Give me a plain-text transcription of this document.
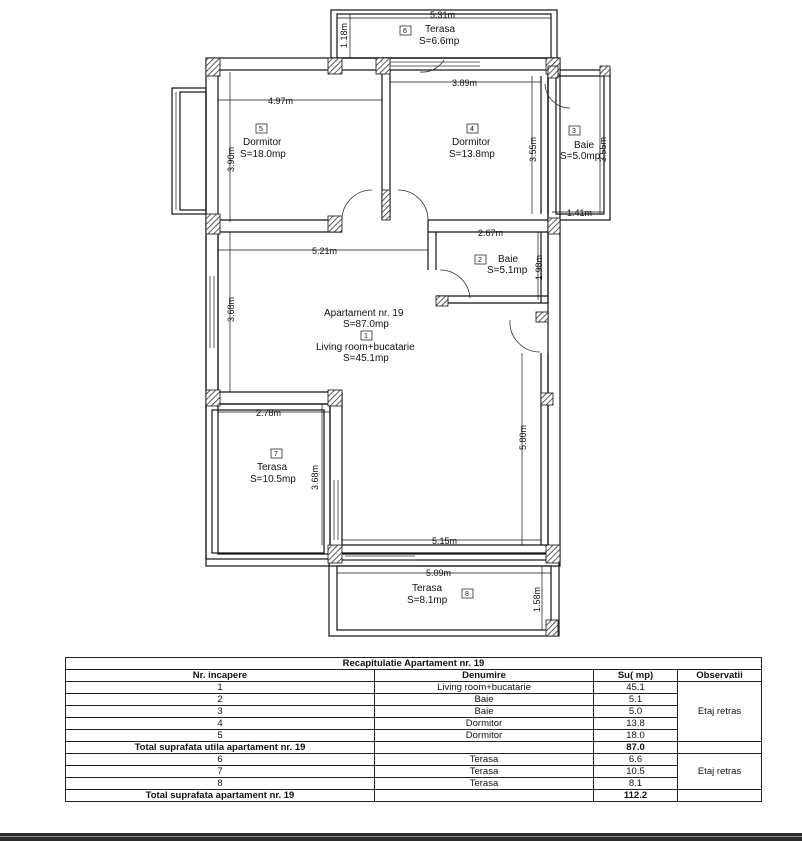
5.31m
1.18m
3.89m
4.97m
3.90m	3.55m	3.55m
1.41m
2.67m
1.98m
5.21m
3.68m
5.80m
2.78m
3.68m
5.15m
5.09m
1.58m
6 Terasa
S=6.6mp
5
Dormitor
S=18.0mp
4
Dormitor
S=13.8mp
3
Baie
S=5.0mp
2 Baie
S=5.1mp
Apartament nr. 19
S=87.0mp
1
Living room+bucatarie
S=45.1mp
7
Terasa
S=10.5mp
Terasa
S=8.1mp
8
Recapitulatie Apartament nr. 19			
Nr. incapere	Denumire	Su( mp)	Observatii
1	Living room+bucatarie	45.1	Etaj retras
2	Baie	5.1	
3	Baie	5.0	
4	Dormitor	13.8	
5	Dormitor	18.0	
Total suprafata utila apartament nr. 19		87.0	
6	Terasa	6.6	Etaj retras
7	Terasa	10.5	
8	Terasa	8.1	
Total suprafata apartament nr. 19		112.2	
